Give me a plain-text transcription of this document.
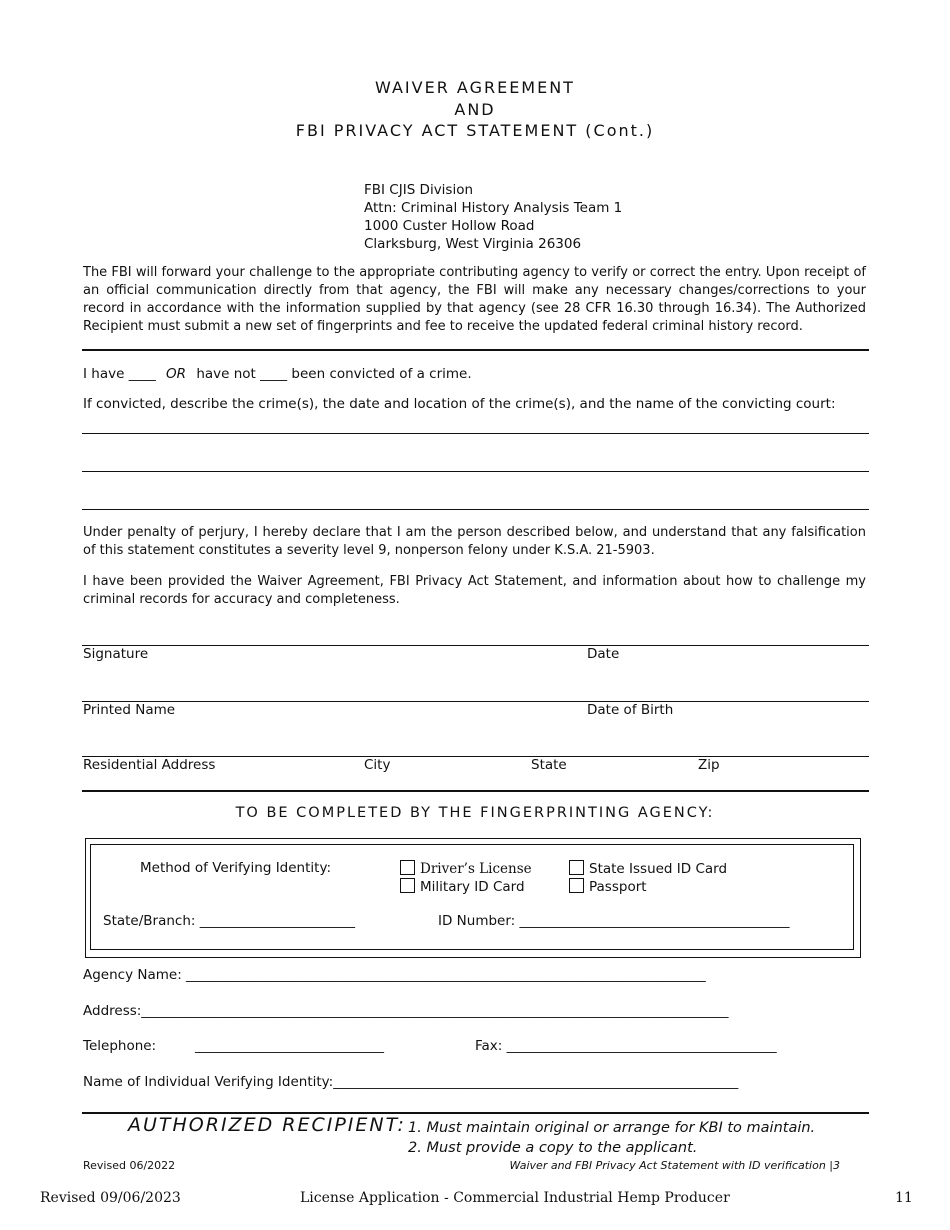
WAIVER AGREEMENT
AND
FBI PRIVACY ACT STATEMENT (Cont.)
FBI CJIS Division
Attn: Criminal History Analysis Team 1
1000 Custer Hollow Road
Clarksburg, West Virginia 26306
The FBI will forward your challenge to the appropriate contributing agency to verify or correct the entry. Upon receipt of an official communication directly from that agency, the FBI will make any necessary changes/corrections to your record in accordance with the information supplied by that agency (see 28 CFR 16.30 through 16.34). The Authorized Recipient must submit a new set of fingerprints and fee to receive the updated federal criminal history record.
I have ____ OR have not ____ been convicted of a crime.
If convicted, describe the crime(s), the date and location of the crime(s), and the name of the convicting court:
Under penalty of perjury, I hereby declare that I am the person described below, and understand that any falsification of this statement constitutes a severity level 9, nonperson felony under K.S.A. 21-5903.
I have been provided the Waiver Agreement, FBI Privacy Act Statement, and information about how to challenge my criminal records for accuracy and completeness.
Signature	Date
Printed Name	Date of Birth
Residential Address	City	State	Zip
TO BE COMPLETED BY THE FINGERPRINTING AGENCY:
Method of Verifying Identity:	Driver’s License	State Issued ID Card
Military ID Card	Passport
State/Branch: _______________________	ID Number: ________________________________________
Agency Name: _____________________________________________________________________________
Address:_______________________________________________________________________________________
Telephone:	____________________________	Fax: ________________________________________
Name of Individual Verifying Identity:____________________________________________________________
AUTHORIZED RECIPIENT: 1. Must maintain original or arrange for KBI to maintain.
2. Must provide a copy to the applicant.
Revised 06/2022	Waiver and FBI Privacy Act Statement with ID verification |3
Revised 09/06/2023	License Application - Commercial Industrial Hemp Producer	11
